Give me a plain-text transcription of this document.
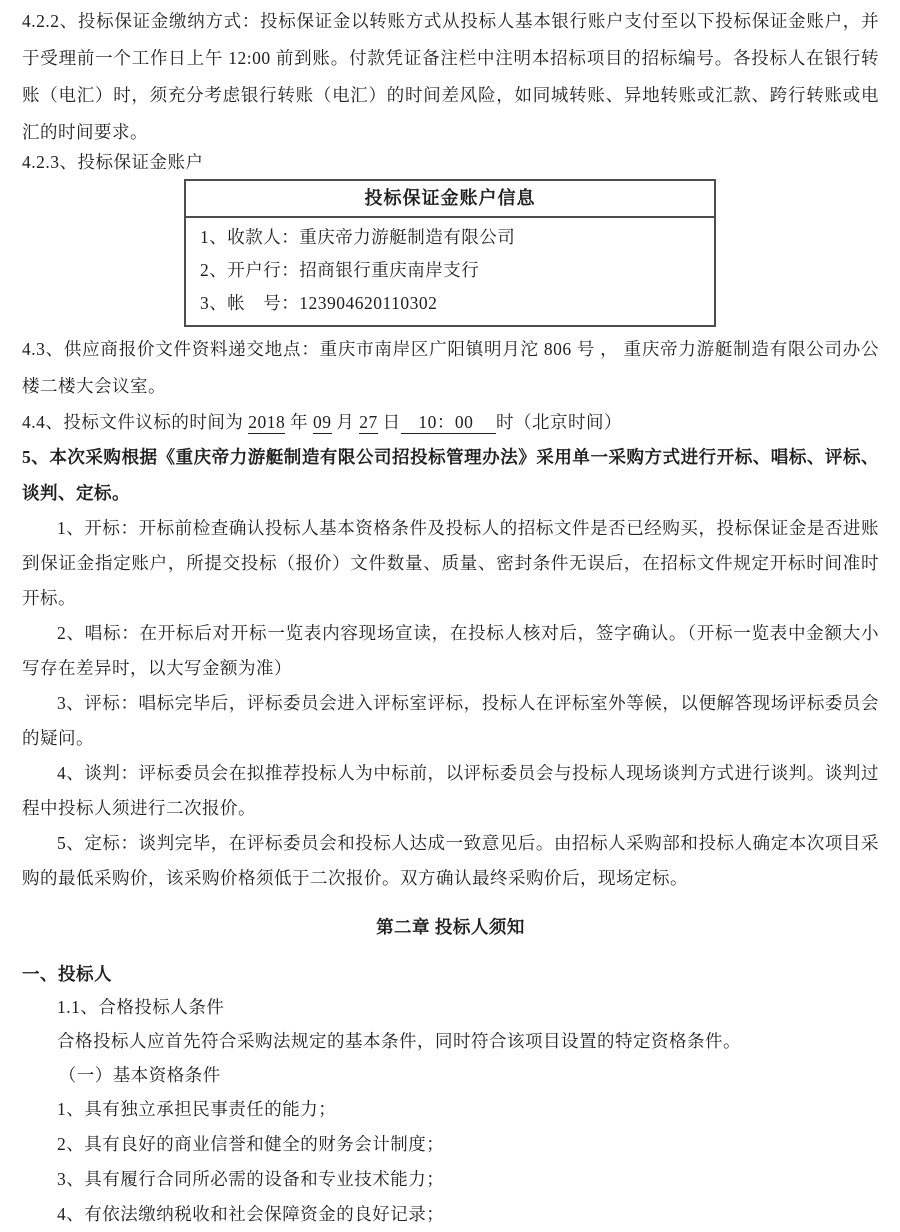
4.2.2、投标保证金缴纳方式：投标保证金以转账方式从投标人基本银行账户支付至以下投标保证金账户，并于受理前一个工作日上午 12:00 前到账。付款凭证备注栏中注明本招标项目的招标编号。各投标人在银行转账（电汇）时，须充分考虑银行转账（电汇）的时间差风险，如同城转账、异地转账或汇款、跨行转账或电汇的时间要求。

4.2.3、投标保证金账户

投标保证金账户信息

1、收款人：重庆帝力游艇制造有限公司

2、开户行：招商银行重庆南岸支行

3、帐　号：123904620110302

4.3、供应商报价文件资料递交地点：重庆市南岸区广阳镇明月沱 806 号 ， 重庆帝力游艇制造有限公司办公楼二楼大会议室。

4.4、投标文件议标的时间为 2018 年 09 月 27 日  10：00   时（北京时间）

5、本次采购根据《重庆帝力游艇制造有限公司招投标管理办法》采用单一采购方式进行开标、唱标、评标、谈判、定标。

1、开标：开标前检查确认投标人基本资格条件及投标人的招标文件是否已经购买，投标保证金是否进账到保证金指定账户，所提交投标（报价）文件数量、质量、密封条件无误后，在招标文件规定开标时间准时开标。

2、唱标：在开标后对开标一览表内容现场宣读，在投标人核对后，签字确认。（开标一览表中金额大小写存在差异时，以大写金额为准）

3、评标：唱标完毕后，评标委员会进入评标室评标，投标人在评标室外等候，以便解答现场评标委员会的疑问。

4、谈判：评标委员会在拟推荐投标人为中标前，以评标委员会与投标人现场谈判方式进行谈判。谈判过程中投标人须进行二次报价。

5、定标：谈判完毕，在评标委员会和投标人达成一致意见后。由招标人采购部和投标人确定本次项目采购的最低采购价，该采购价格须低于二次报价。双方确认最终采购价后，现场定标。

第二章 投标人须知

一、投标人

1.1、合格投标人条件

合格投标人应首先符合采购法规定的基本条件，同时符合该项目设置的特定资格条件。

（一）基本资格条件

1、具有独立承担民事责任的能力；

2、具有良好的商业信誉和健全的财务会计制度；

3、具有履行合同所必需的设备和专业技术能力；

4、有依法缴纳税收和社会保障资金的良好记录；
